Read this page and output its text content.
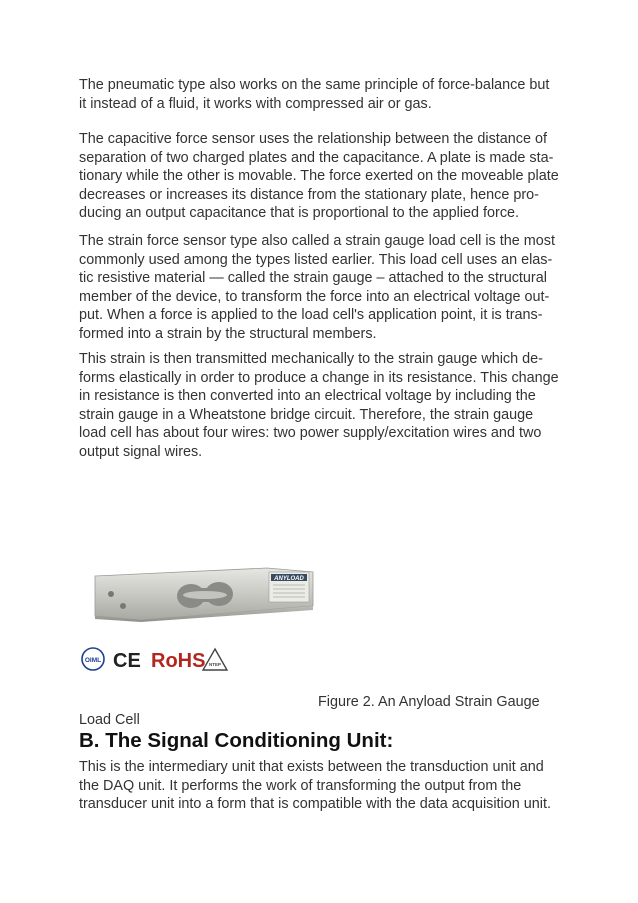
The pneumatic type also works on the same principle of force-balance but
it instead of a fluid, it works with compressed air or gas.
The capacitive force sensor uses the relationship between the distance of
separation of two charged plates and the capacitance. A plate is made sta-
tionary while the other is movable. The force exerted on the moveable plate
decreases or increases its distance from the stationary plate, hence pro-
ducing an output capacitance that is proportional to the applied force.
The strain force sensor type also called a strain gauge load cell is the most
commonly used among the types listed earlier. This load cell uses an elas-
tic resistive material — called the strain gauge – attached to the structural
member of the device, to transform the force into an electrical voltage out-
put. When a force is applied to the load cell's application point, it is trans-
formed into a strain by the structural members.
This strain is then transmitted mechanically to the strain gauge which de-
forms elastically in order to produce a change in its resistance. This change
in resistance is then converted into an electrical voltage by including the
strain gauge in a Wheatstone bridge circuit. Therefore, the strain gauge
load cell has about four wires: two power supply/excitation wires and two
output signal wires.
ANYLOAD
OIML CE RoHS NTEP
Figure 2. An Anyload Strain Gauge
Load Cell
B. The Signal Conditioning Unit:
This is the intermediary unit that exists between the transduction unit and
the DAQ unit. It performs the work of transforming the output from the
transducer unit into a form that is compatible with the data acquisition unit.
